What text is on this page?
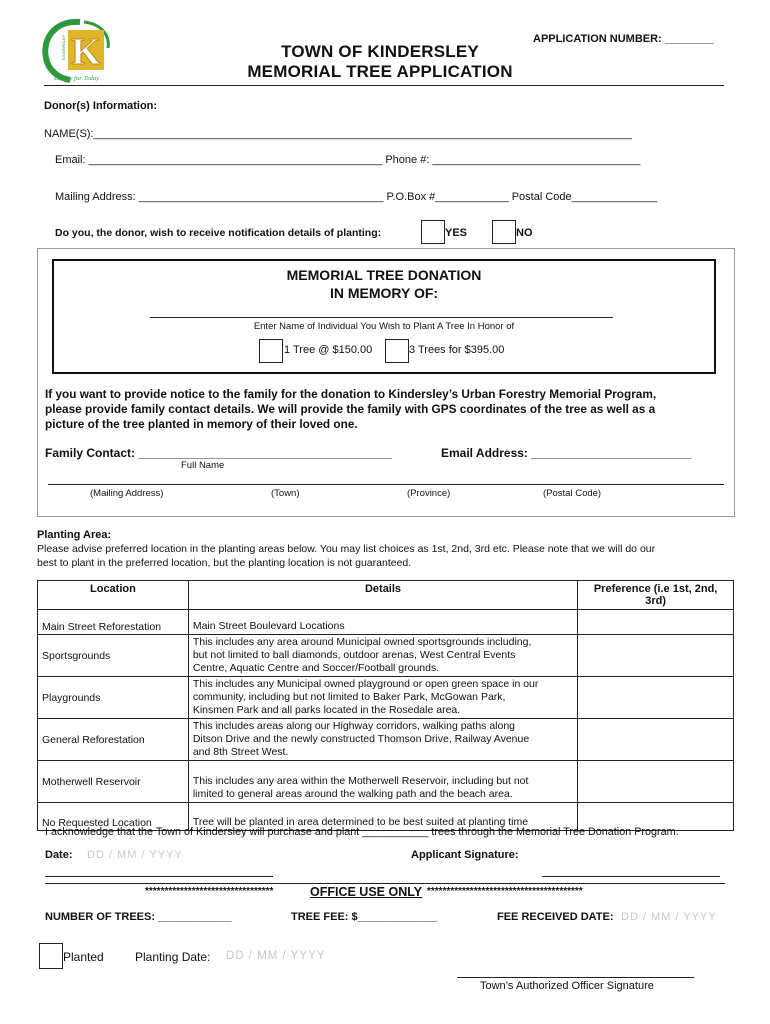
K
Energy for Today
KINDERSLEY	APPLICATION NUMBER: ________
TOWN OF KINDERSLEY
MEMORIAL TREE APPLICATION
Donor(s) Information:
NAME(S):________________________________________________________________________________________
Email: ________________________________________________ Phone #: __________________________________
Mailing Address: ________________________________________ P.O.Box #____________ Postal Code______________
Do you, the donor, wish to receive notification details of planting:	YES	NO
MEMORIAL TREE DONATION
IN MEMORY OF:
Enter Name of Individual You Wish to Plant A Tree In Honor of
1 Tree @ $150.00	3 Trees for $395.00
If you want to provide notice to the family for the donation to Kindersley’s Urban Forestry Memorial Program,
please provide family contact details. We will provide the family with GPS coordinates of the tree as well as a
picture of the tree planted in memory of their loved one.
Family Contact: ______________________________________	Email Address: ________________________
Full Name
(Mailing Address)	(Town)	(Province)	(Postal Code)
Planting Area:
Please advise preferred location in the planting areas below. You may list choices as 1st, 2nd, 3rd etc. Please note that we will do our
best to plant in the preferred location, but the planting location is not guaranteed.
Location	Details	Preference (i.e 1st, 2nd, 3rd)
Main Street Reforestation	Main Street Boulevard Locations	

Sportsgrounds	This includes any area around Municipal owned sportsgrounds including,
but not limited to ball diamonds, outdoor arenas, West Central Events
Centre, Aquatic Centre and Soccer/Football grounds.	

Playgrounds	This includes any Municipal owned playground or open green space in our
community, including but not limited to Baker Park, McGowan Park,
Kinsmen Park and all parks located in the Rosedale area.	

General Reforestation	This includes areas along our Highway corridors, walking paths along
Ditson Drive and the newly constructed Thomson Drive, Railway Avenue
and 8th Street West.	

Motherwell Reservoir	This includes any area within the Motherwell Reservoir, including but not
limited to general areas around the walking path and the beach area.	

No Requested Location	Tree will be planted in area determined to be best suited at planting time	

I acknowledge that the Town of Kindersley will purchase and plant ___________ trees through the Memorial Tree Donation Program.
Date: DD / MM / YYYY	Applicant Signature:
*********************************	OFFICE USE ONLY ****************************************
NUMBER OF TREES: ____________	TREE FEE: $_____________	FEE RECEIVED DATE: DD / MM / YYYY
Planted	Planting Date: DD / MM / YYYY
Town’s Authorized Officer Signature
